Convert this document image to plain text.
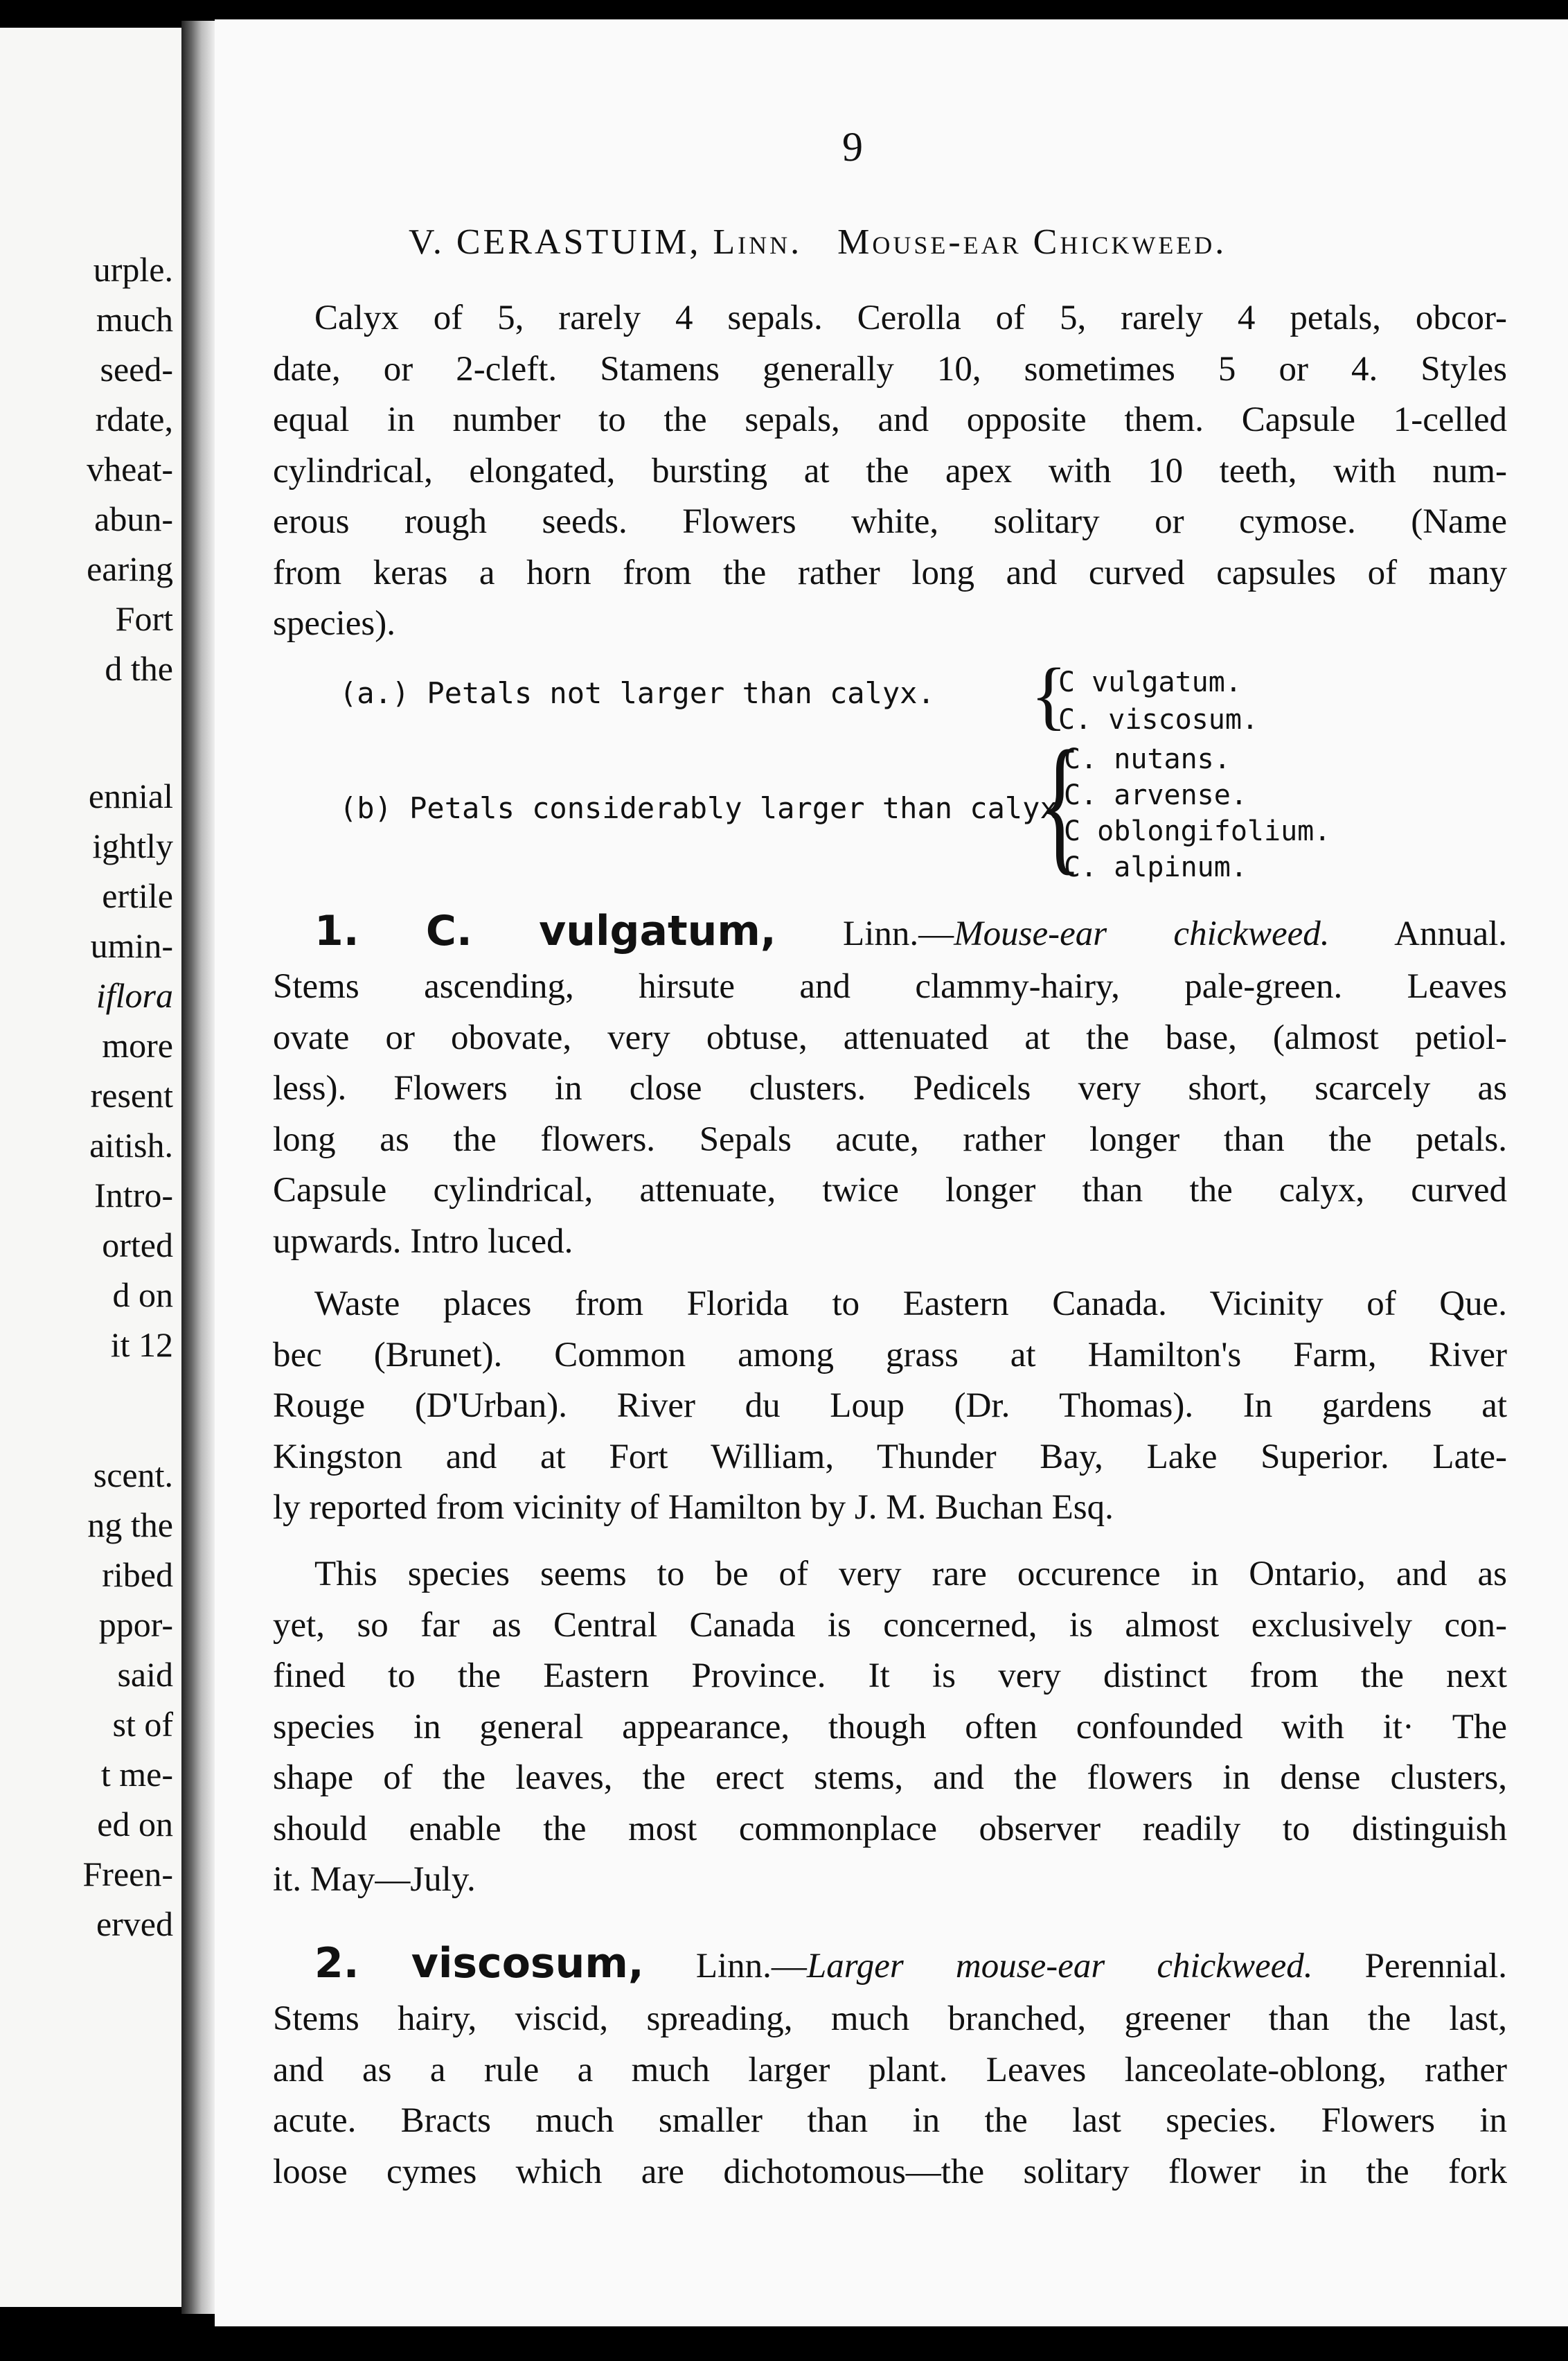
urple.
much
seed-
rdate,
vheat-
abun-
earing
Fort
d the
ennial
ightly
ertile
umin-
iflora
more
resent
aitish.
Intro-
orted
d on
it 12
scent.
ng the
ribed
ppor-
said
st of
t me-
ed on
Freen-
erved
9
V. CERASTUIM, Linn. Mouse-ear Chickweed.
Calyx of 5, rarely 4 sepals. Cerolla of 5, rarely 4 petals, obcor-
date, or 2-cleft. Stamens generally 10, sometimes 5 or 4. Styles
equal in number to the sepals, and opposite them. Capsule 1-celled
cylindrical, elongated, bursting at the apex with 10 teeth, with num-
erous rough seeds. Flowers white, solitary or cymose. (Name
from keras a horn from the rather long and curved capsules of many
species).
(a.) Petals not larger than calyx. {
C vulgatum.
C. viscosum.
(b) Petals considerably larger than calyx
{
C. nutans.
C. arvense.
C oblongifolium.
C. alpinum.
1. C. vulgatum, Linn.—Mouse-ear chickweed. Annual.
Stems ascending, hirsute and clammy-hairy, pale-green. Leaves
ovate or obovate, very obtuse, attenuated at the base, (almost petiol-
less). Flowers in close clusters. Pedicels very short, scarcely as
long as the flowers. Sepals acute, rather longer than the petals.
Capsule cylindrical, attenuate, twice longer than the calyx, curved
upwards. Intro luced.
Waste places from Florida to Eastern Canada. Vicinity of Que.
bec (Brunet). Common among grass at Hamilton's Farm, River
Rouge (D'Urban). River du Loup (Dr. Thomas). In gardens at
Kingston and at Fort William, Thunder Bay, Lake Superior. Late-
ly reported from vicinity of Hamilton by J. M. Buchan Esq.
This species seems to be of very rare occurence in Ontario, and as
yet, so far as Central Canada is concerned, is almost exclusively con-
fined to the Eastern Province. It is very distinct from the next
species in general appearance, though often confounded with it· The
shape of the leaves, the erect stems, and the flowers in dense clusters,
should enable the most commonplace observer readily to distinguish
it. May—July.
2. viscosum, Linn.—Larger mouse-ear chickweed. Perennial.
Stems hairy, viscid, spreading, much branched, greener than the last,
and as a rule a much larger plant. Leaves lanceolate-oblong, rather
acute. Bracts much smaller than in the last species. Flowers in
loose cymes which are dichotomous—the solitary flower in the fork
